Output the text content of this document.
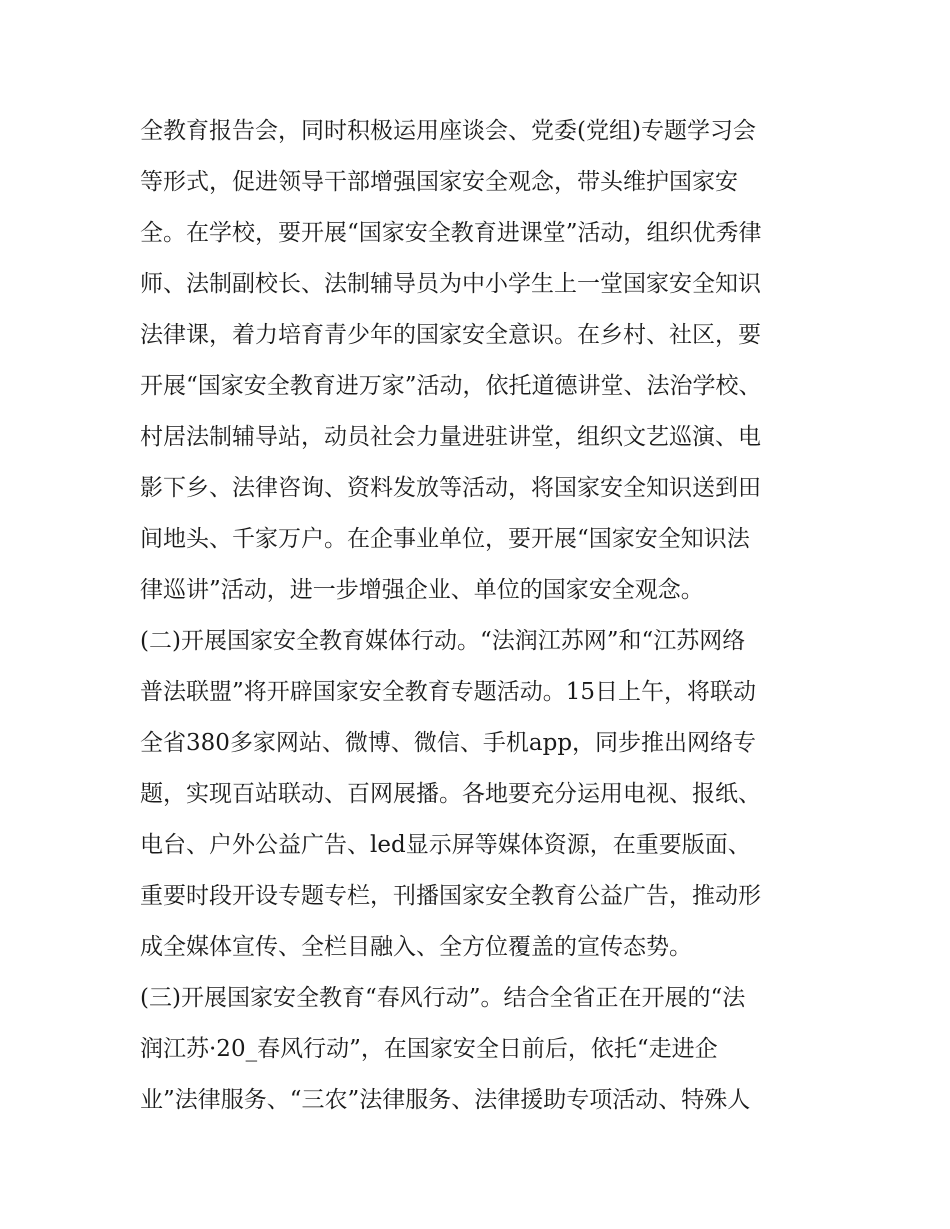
全教育报告会，同时积极运用座谈会、党委(党组)专题学习会
等形式，促进领导干部增强国家安全观念，带头维护国家安
全。在学校，要开展“国家安全教育进课堂”活动，组织优秀律
师、法制副校长、法制辅导员为中小学生上一堂国家安全知识
法律课，着力培育青少年的国家安全意识。在乡村、社区，要
开展“国家安全教育进万家”活动，依托道德讲堂、法治学校、
村居法制辅导站，动员社会力量进驻讲堂，组织文艺巡演、电
影下乡、法律咨询、资料发放等活动，将国家安全知识送到田
间地头、千家万户。在企事业单位，要开展“国家安全知识法
律巡讲”活动，进一步增强企业、单位的国家安全观念。
(二)开展国家安全教育媒体行动。“法润江苏网”和“江苏网络
普法联盟”将开辟国家安全教育专题活动。15日上午，将联动
全省380多家网站、微博、微信、手机app，同步推出网络专
题，实现百站联动、百网展播。各地要充分运用电视、报纸、
电台、户外公益广告、led显示屏等媒体资源，在重要版面、
重要时段开设专题专栏，刊播国家安全教育公益广告，推动形
成全媒体宣传、全栏目融入、全方位覆盖的宣传态势。
(三)开展国家安全教育“春风行动”。结合全省正在开展的“法
润江苏·20_春风行动”，在国家安全日前后，依托“走进企
业”法律服务、“三农”法律服务、法律援助专项活动、特殊人
